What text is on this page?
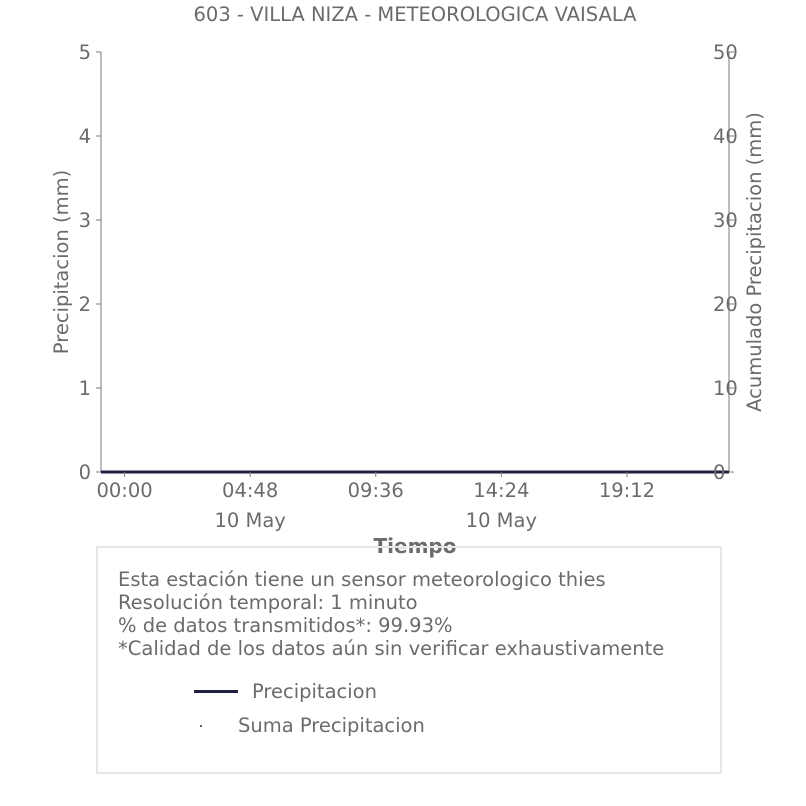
603 - VILLA NIZA - METEOROLOGICA VAISALA
0
1
2
3
4
5
0
10
20
30
40
50
00:00	04:48
10 May
09:36	14:24
10 May
19:12
Precipitacion (mm)	Acumulado Precipitacion (mm)
Tiempo
Esta estación tiene un sensor meteorologico thies
Resolución temporal: 1 minuto
% de datos transmitidos*: 99.93%
*Calidad de los datos aún sin verificar exhaustivamente
Precipitacion
Suma Precipitacion
